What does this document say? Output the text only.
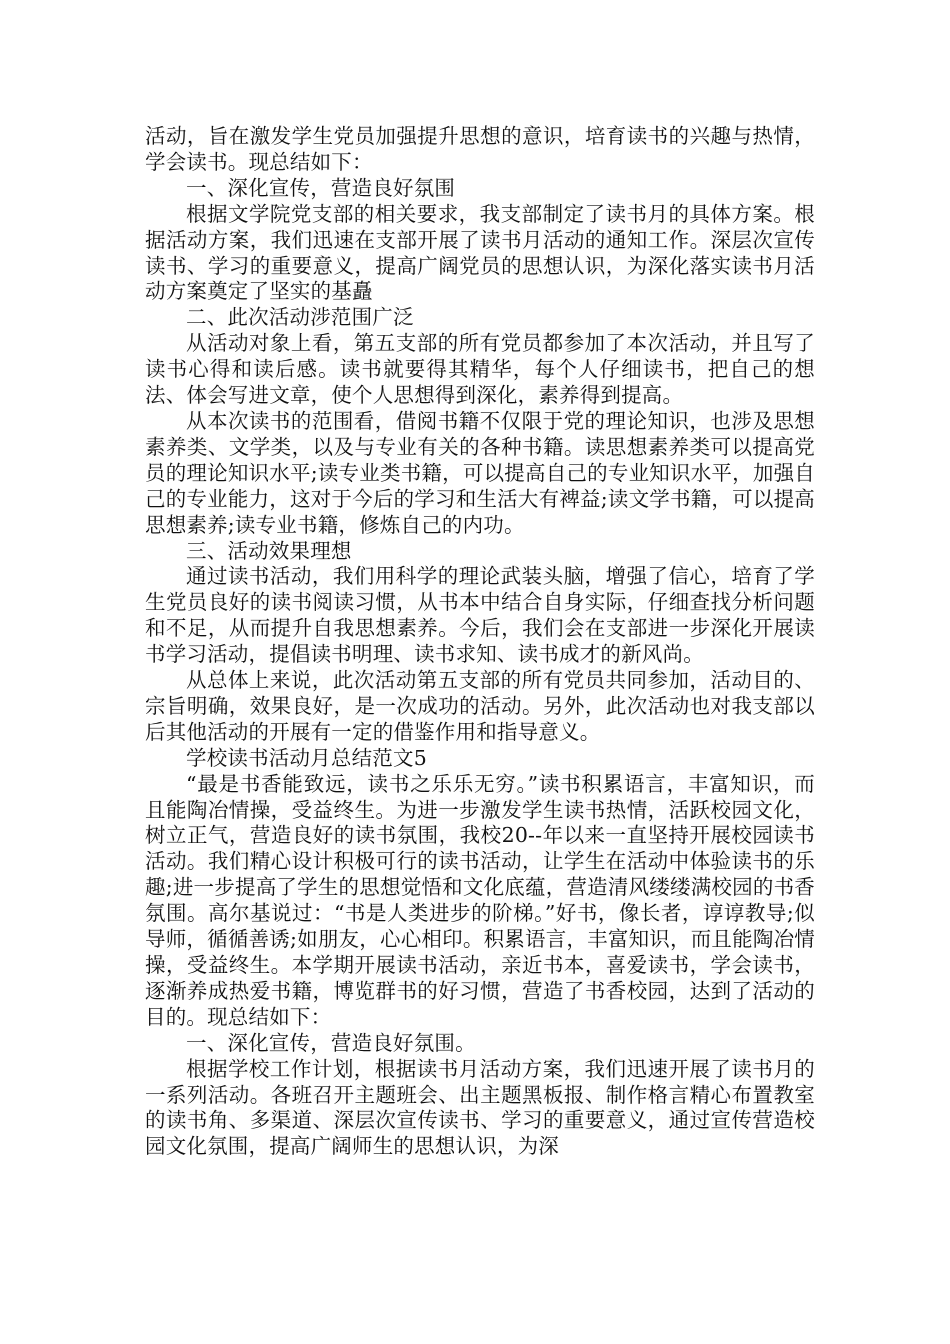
活动，旨在激发学生党员加强提升思想的意识，培育读书的兴趣与热情，学会读书。现总结如下：

一、深化宣传，营造良好氛围

根据文学院党支部的相关要求，我支部制定了读书月的具体方案。根据活动方案，我们迅速在支部开展了读书月活动的通知工作。深层次宣传读书、学习的重要意义，提高广阔党员的思想认识，为深化落实读书月活动方案奠定了坚实的基矗

二、此次活动涉范围广泛

从活动对象上看，第五支部的所有党员都参加了本次活动，并且写了读书心得和读后感。读书就要得其精华，每个人仔细读书，把自己的想法、体会写进文章，使个人思想得到深化，素养得到提高。

从本次读书的范围看，借阅书籍不仅限于党的理论知识，也涉及思想素养类、文学类，以及与专业有关的各种书籍。读思想素养类可以提高党员的理论知识水平;读专业类书籍，可以提高自己的专业知识水平，加强自己的专业能力，这对于今后的学习和生活大有裨益;读文学书籍，可以提高思想素养;读专业书籍，修炼自己的内功。

三、活动效果理想

通过读书活动，我们用科学的理论武装头脑，增强了信心，培育了学生党员良好的读书阅读习惯，从书本中结合自身实际，仔细查找分析问题和不足，从而提升自我思想素养。今后，我们会在支部进一步深化开展读书学习活动，提倡读书明理、读书求知、读书成才的新风尚。

从总体上来说，此次活动第五支部的所有党员共同参加，活动目的、宗旨明确，效果良好，是一次成功的活动。另外，此次活动也对我支部以后其他活动的开展有一定的借鉴作用和指导意义。

学校读书活动月总结范文5

“最是书香能致远，读书之乐乐无穷。”读书积累语言，丰富知识，而且能陶冶情操，受益终生。为进一步激发学生读书热情，活跃校园文化，树立正气，营造良好的读书氛围，我校20--年以来一直坚持开展校园读书活动。我们精心设计积极可行的读书活动，让学生在活动中体验读书的乐趣;进一步提高了学生的思想觉悟和文化底蕴，营造清风缕缕满校园的书香氛围。高尔基说过：“书是人类进步的阶梯。”好书，像长者，谆谆教导;似导师，循循善诱;如朋友，心心相印。积累语言，丰富知识，而且能陶冶情操，受益终生。本学期开展读书活动，亲近书本，喜爱读书，学会读书，逐渐养成热爱书籍，博览群书的好习惯，营造了书香校园，达到了活动的目的。现总结如下：

一、深化宣传，营造良好氛围。

根据学校工作计划，根据读书月活动方案，我们迅速开展了读书月的一系列活动。各班召开主题班会、出主题黑板报、制作格言精心布置教室的读书角、多渠道、深层次宣传读书、学习的重要意义，通过宣传营造校园文化氛围，提高广阔师生的思想认识，为深
